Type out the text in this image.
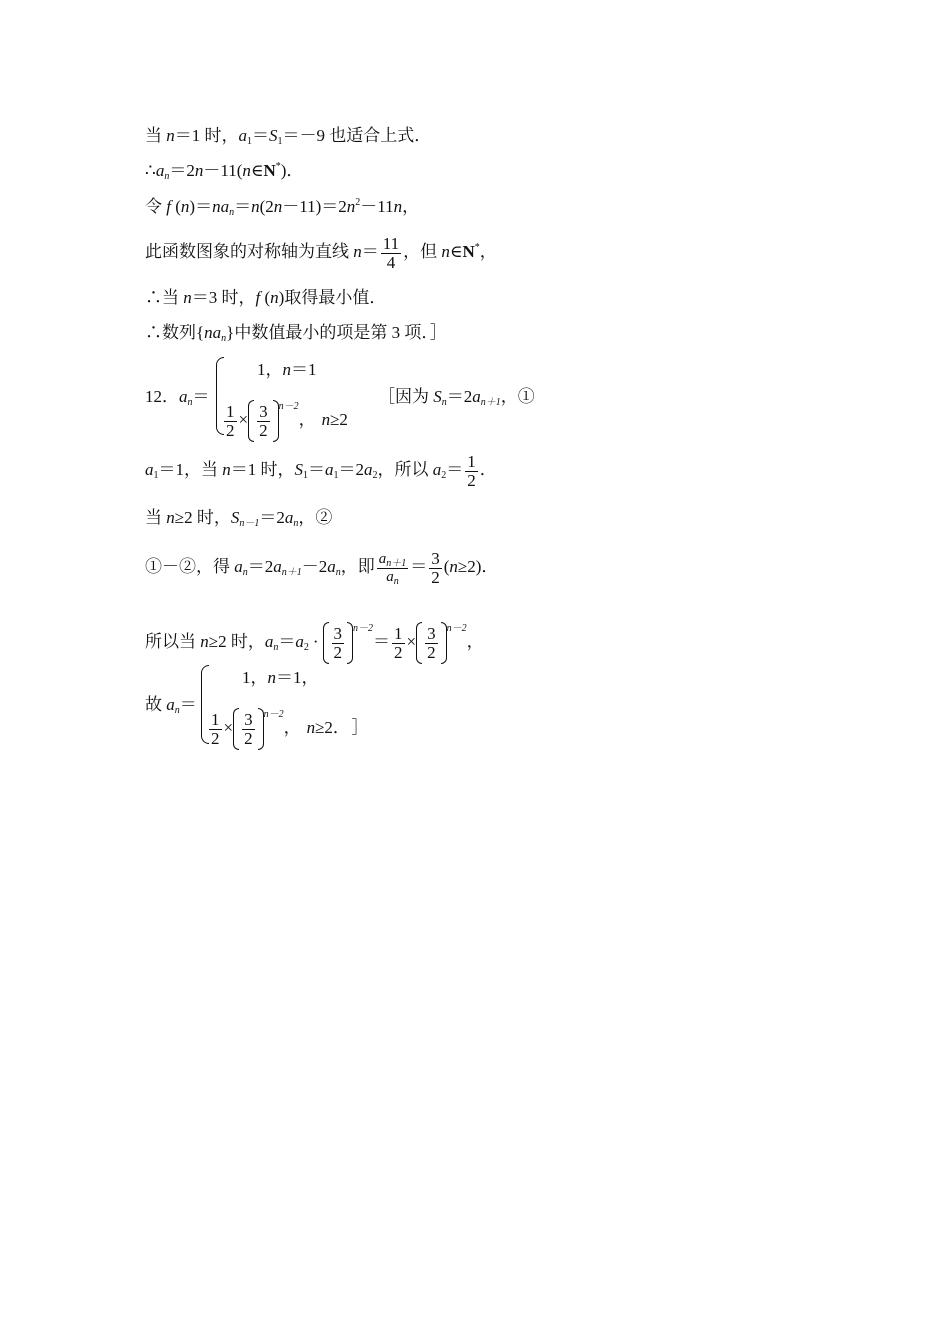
当 n＝1 时，$a_1=S_1=-9$ 也适合上式．
$\therefore a_n=2n-11(n\in N^*)$．
令 f $(n)=na_n=n(2n-11)=2n^2-11n$，
此函数图象的对称轴为直线 $n= \frac{11}{4}$ ，但 n∈N*，
∴当 n＝3 时，f (n)取得最小值．
∴数列$\{na_n\}$中数值最小的项是第 3 项．］
12．$a_n=$
1，n＝1
$\frac{1}{2} \times \frac{3}{2} ^{n-2}$， n≥2
［因为 $S_n=2a_{n+1}$，①
$a_1=1$，当 n＝1 时，$S_1=a_1=2a_2$，所以 $a_2= \frac{1}{2}$ ．
当 n≥2 时，$S_{n-1}=2a_n$，②
①－②，得 $a_n=2a_{n+1}-2a_n$，即 $\frac{a_{n+1}}{a_n} = \frac{3}{2} (n\ge 2)$．
所以当 n≥2 时，$a_n=a_2 \cdot \frac{3}{2} ^{n-2}= \frac{1}{2} \times \frac{3}{2} ^{n-2}$，
故 $a_n=$
1，n＝1，
$\frac{1}{2} \times \frac{3}{2} ^{n-2}$， n≥2． ］
